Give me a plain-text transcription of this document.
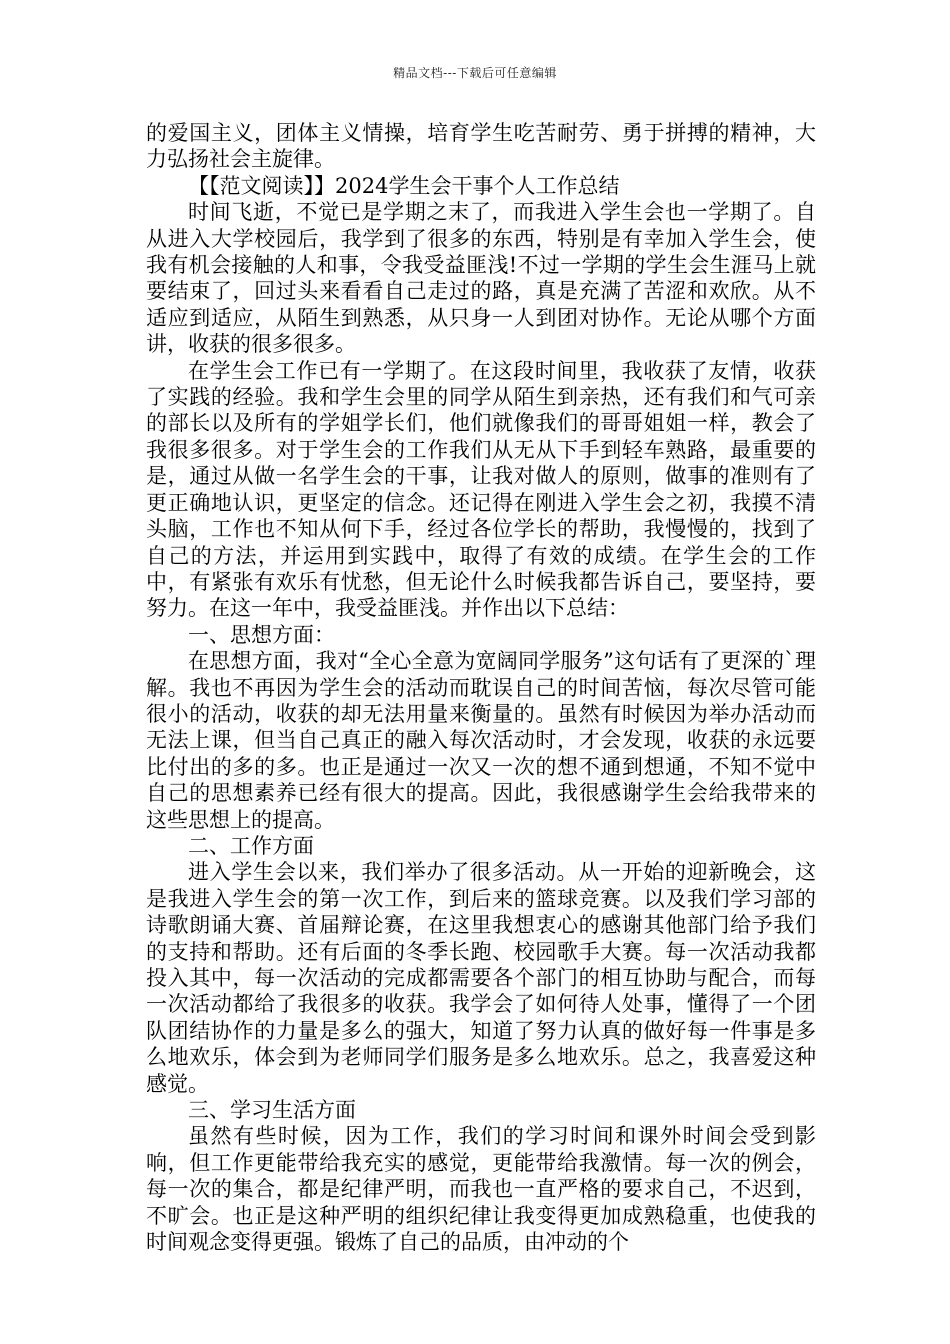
精品文档---下载后可任意编辑

的爱国主义，团体主义情操，培育学生吃苦耐劳、勇于拼搏的精神，大力弘扬社会主旋律。

【【范文阅读】】2024学生会干事个人工作总结

时间飞逝，不觉已是学期之末了，而我进入学生会也一学期了。自从进入大学校园后，我学到了很多的东西，特别是有幸加入学生会，使我有机会接触的人和事，令我受益匪浅!不过一学期的学生会生涯马上就要结束了，回过头来看看自己走过的路，真是充满了苦涩和欢欣。从不适应到适应，从陌生到熟悉，从只身一人到团对协作。无论从哪个方面讲，收获的很多很多。

在学生会工作已有一学期了。在这段时间里，我收获了友情，收获了实践的经验。我和学生会里的同学从陌生到亲热，还有我们和气可亲的部长以及所有的学姐学长们，他们就像我们的哥哥姐姐一样，教会了我很多很多。对于学生会的工作我们从无从下手到轻车熟路，最重要的是，通过从做一名学生会的干事，让我对做人的原则，做事的准则有了更正确地认识，更坚定的信念。还记得在刚进入学生会之初，我摸不清头脑，工作也不知从何下手，经过各位学长的帮助，我慢慢的，找到了自己的方法，并运用到实践中，取得了有效的成绩。在学生会的工作中，有紧张有欢乐有忧愁，但无论什么时候我都告诉自己，要坚持，要努力。在这一年中，我受益匪浅。并作出以下总结：

一、思想方面：

在思想方面，我对“全心全意为宽阔同学服务”这句话有了更深的`理解。我也不再因为学生会的活动而耽误自己的时间苦恼，每次尽管可能很小的活动，收获的却无法用量来衡量的。虽然有时候因为举办活动而无法上课，但当自己真正的融入每次活动时，才会发现，收获的永远要比付出的多的多。也正是通过一次又一次的想不通到想通，不知不觉中自己的思想素养已经有很大的提高。因此，我很感谢学生会给我带来的这些思想上的提高。

二、工作方面

进入学生会以来，我们举办了很多活动。从一开始的迎新晚会，这是我进入学生会的第一次工作，到后来的篮球竞赛。以及我们学习部的诗歌朗诵大赛、首届辩论赛，在这里我想衷心的感谢其他部门给予我们的支持和帮助。还有后面的冬季长跑、校园歌手大赛。每一次活动我都投入其中，每一次活动的完成都需要各个部门的相互协助与配合，而每一次活动都给了我很多的收获。我学会了如何待人处事，懂得了一个团队团结协作的力量是多么的强大，知道了努力认真的做好每一件事是多么地欢乐，体会到为老师同学们服务是多么地欢乐。总之，我喜爱这种感觉。

三、学习生活方面

虽然有些时候，因为工作，我们的学习时间和课外时间会受到影响，但工作更能带给我充实的感觉，更能带给我激情。每一次的例会，每一次的集合，都是纪律严明，而我也一直严格的要求自己，不迟到，不旷会。也正是这种严明的组织纪律让我变得更加成熟稳重，也使我的时间观念变得更强。锻炼了自己的品质，由冲动的个
